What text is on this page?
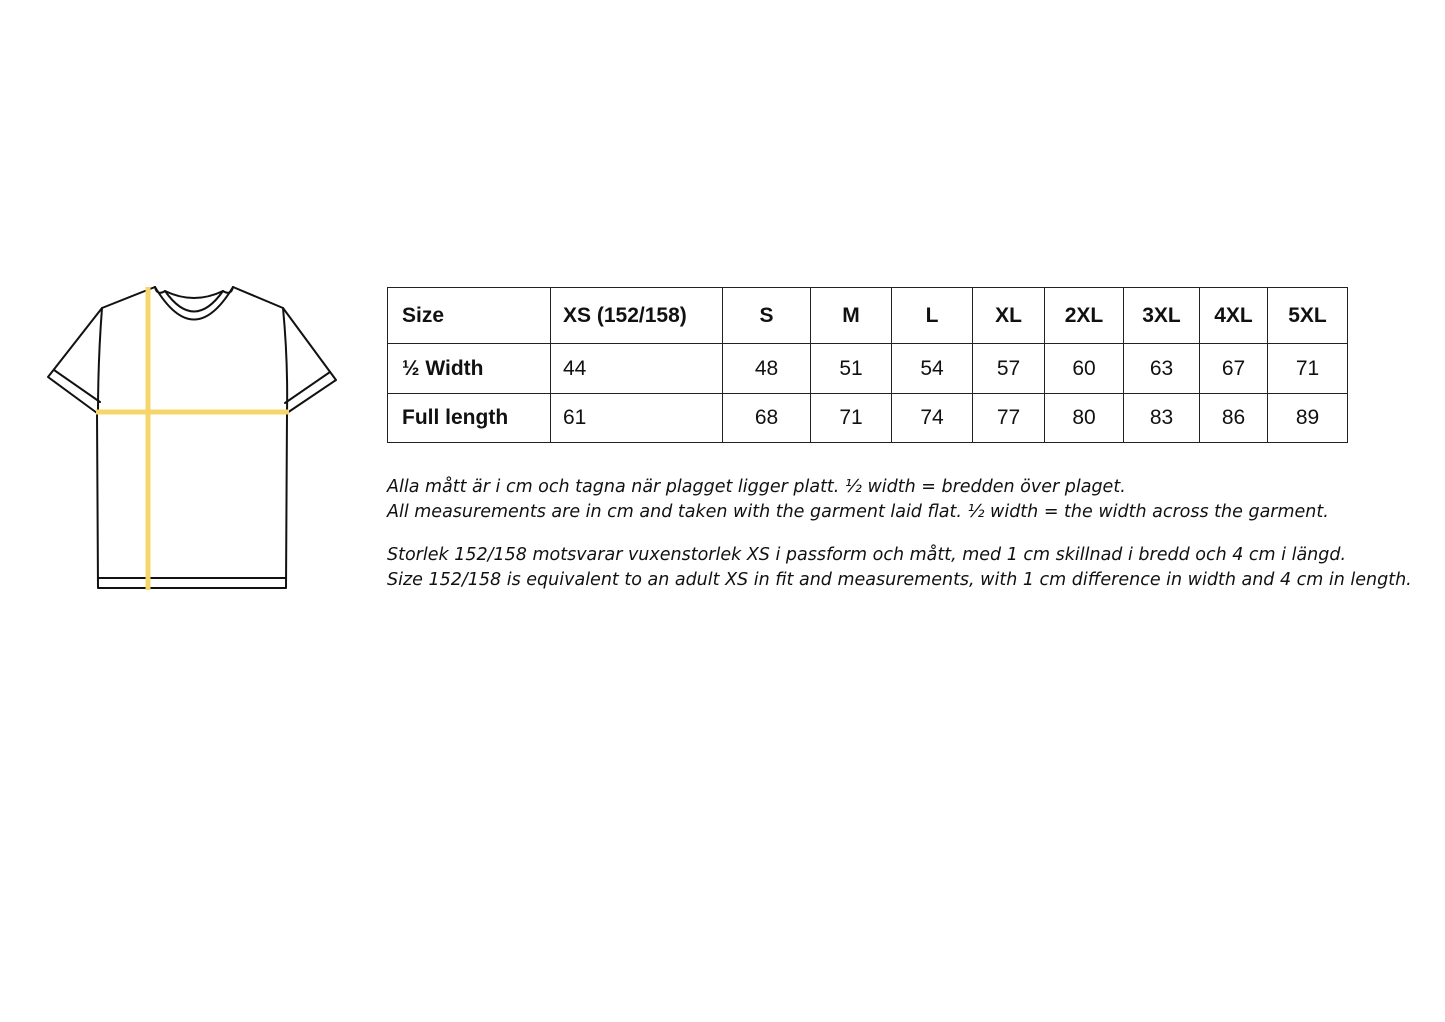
Size	XS (152/158)	S	M	L	XL	2XL	3XL	4XL	5XL
½ Width	44	48	51	54	57	60	63	67	71
Full length	61	68	71	74	77	80	83	86	89

Alla mått är i cm och tagna när plagget ligger platt. ½ width = bredden över plaget.
All measurements are in cm and taken with the garment laid flat. ½ width = the width across the garment.

Storlek 152/158 motsvarar vuxenstorlek XS i passform och mått, med 1 cm skillnad i bredd och 4 cm i längd.
Size 152/158 is equivalent to an adult XS in fit and measurements, with 1 cm difference in width and 4 cm in length.
